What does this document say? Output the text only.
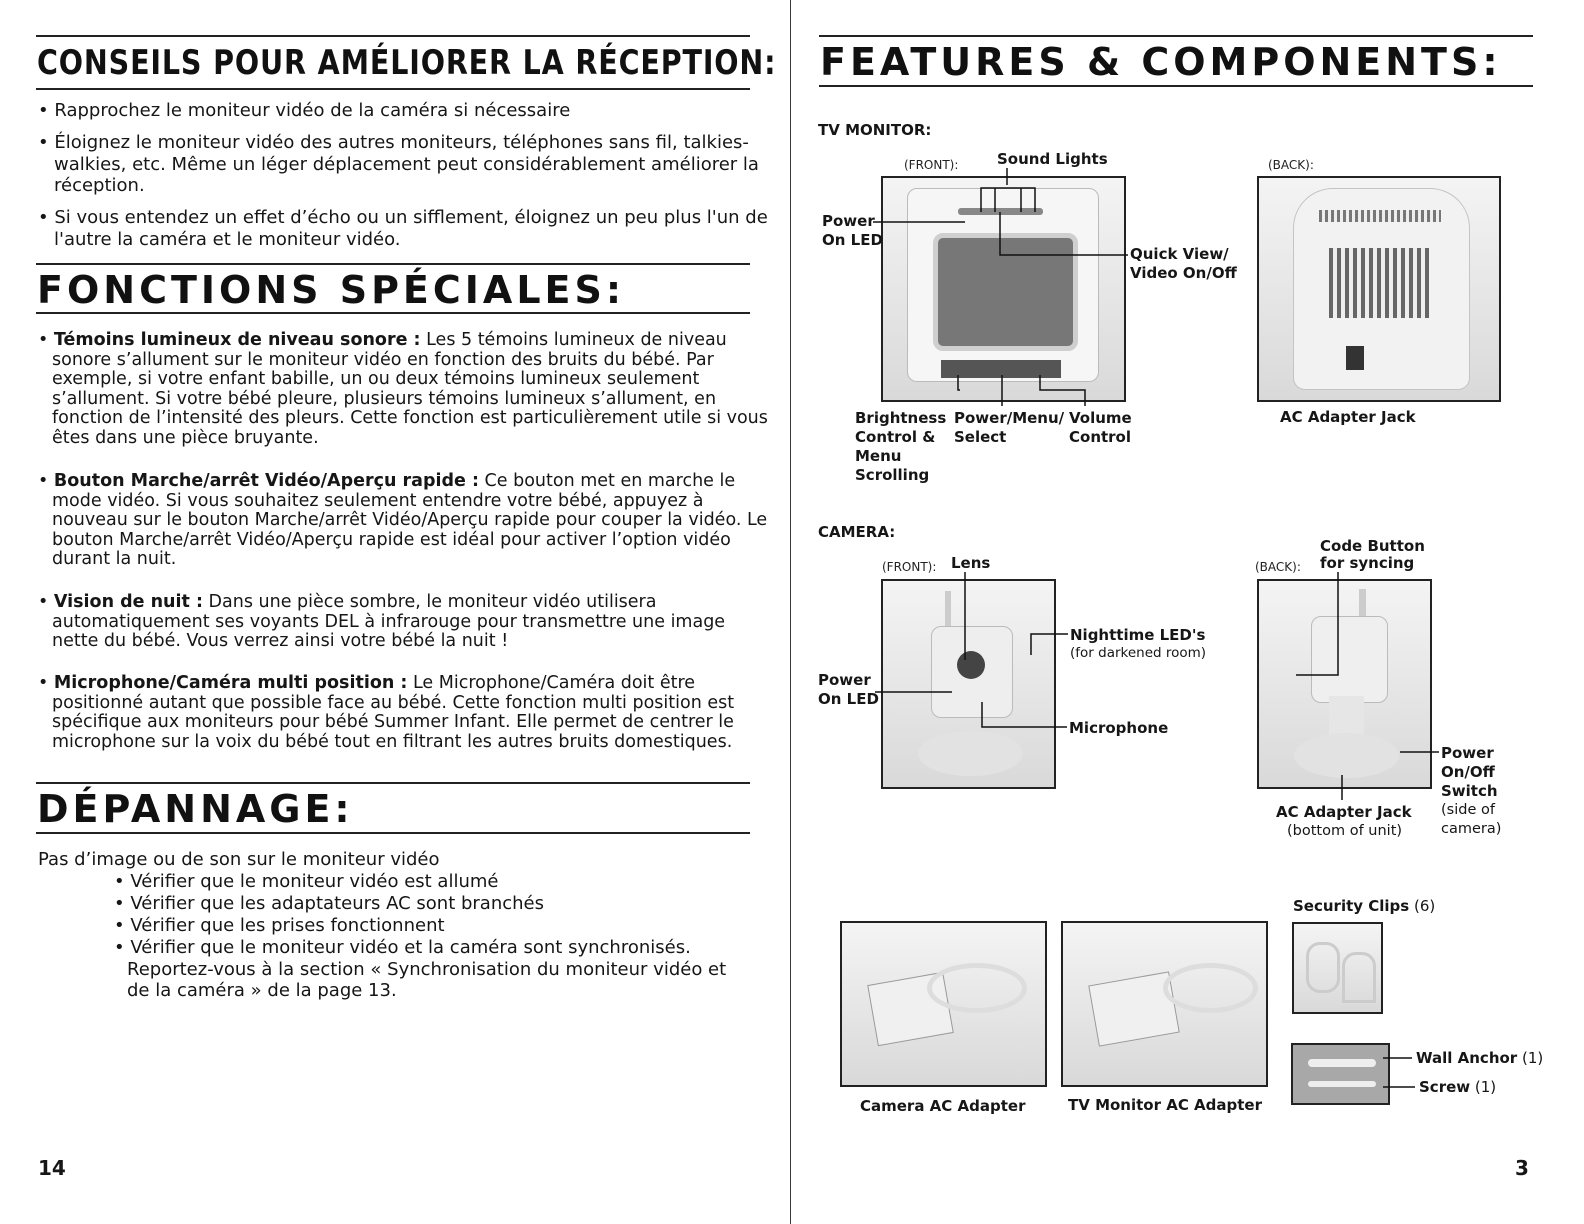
CONSEILS POUR AMÉLIORER LA RÉCEPTION:

• Rapprochez le moniteur vidéo de la caméra si nécessaire

• Éloignez le moniteur vidéo des autres moniteurs, téléphones sans fil, talkies-walkies, etc. Même un léger déplacement peut considérablement améliorer la réception.

• Si vous entendez un effet d’écho ou un sifflement, éloignez un peu plus l'un de l'autre la caméra et le moniteur vidéo.

FONCTIONS SPÉCIALES:

• Témoins lumineux de niveau sonore : Les 5 témoins lumineux de niveau sonore s’allument sur le moniteur vidéo en fonction des bruits du bébé. Par exemple, si votre enfant babille, un ou deux témoins lumineux seulement s’allument. Si votre bébé pleure, plusieurs témoins lumineux s’allument, en fonction de l’intensité des pleurs. Cette fonction est particulièrement utile si vous êtes dans une pièce bruyante.

• Bouton Marche/arrêt Vidéo/Aperçu rapide : Ce bouton met en marche le mode vidéo. Si vous souhaitez seulement entendre votre bébé, appuyez à nouveau sur le bouton Marche/arrêt Vidéo/Aperçu rapide pour couper la vidéo. Le bouton Marche/arrêt Vidéo/Aperçu rapide est idéal pour activer l’option vidéo durant la nuit.

• Vision de nuit : Dans une pièce sombre, le moniteur vidéo utilisera automatiquement ses voyants DEL à infrarouge pour transmettre une image nette du bébé. Vous verrez ainsi votre bébé la nuit !

• Microphone/Caméra multi position : Le Microphone/Caméra doit être positionné autant que possible face au bébé. Cette fonction multi position est spécifique aux moniteurs pour bébé Summer Infant. Elle permet de centrer le microphone sur la voix du bébé tout en filtrant les autres bruits domestiques.

DÉPANNAGE:

Pas d’image ou de son sur le moniteur vidéo

• Vérifier que le moniteur vidéo est allumé
• Vérifier que les adaptateurs AC sont branchés
• Vérifier que les prises fonctionnent
• Vérifier que le moniteur vidéo et la caméra sont synchronisés. Reportez-vous à la section « Synchronisation du moniteur vidéo et de la caméra » de la page 13.
14
FEATURES & COMPONENTS:
TV MONITOR:
(FRONT):	Sound Lights	(BACK):
Power
On LED
Quick View/
Video On/Off
Brightness
Control &
Menu
Scrolling
Power/Menu/
Select
Volume
Control
AC Adapter Jack
CAMERA:
(FRONT): Lens	(BACK):
Code Button
for syncing
Nighttime LED's
(for darkened room)
Power
On LED
Microphone
Power
On/Off
Switch
(side of
camera)
AC Adapter Jack
(bottom of unit)
Security Clips (6)
Camera AC Adapter	TV Monitor AC Adapter
Wall Anchor (1)
Screw (1)
3
